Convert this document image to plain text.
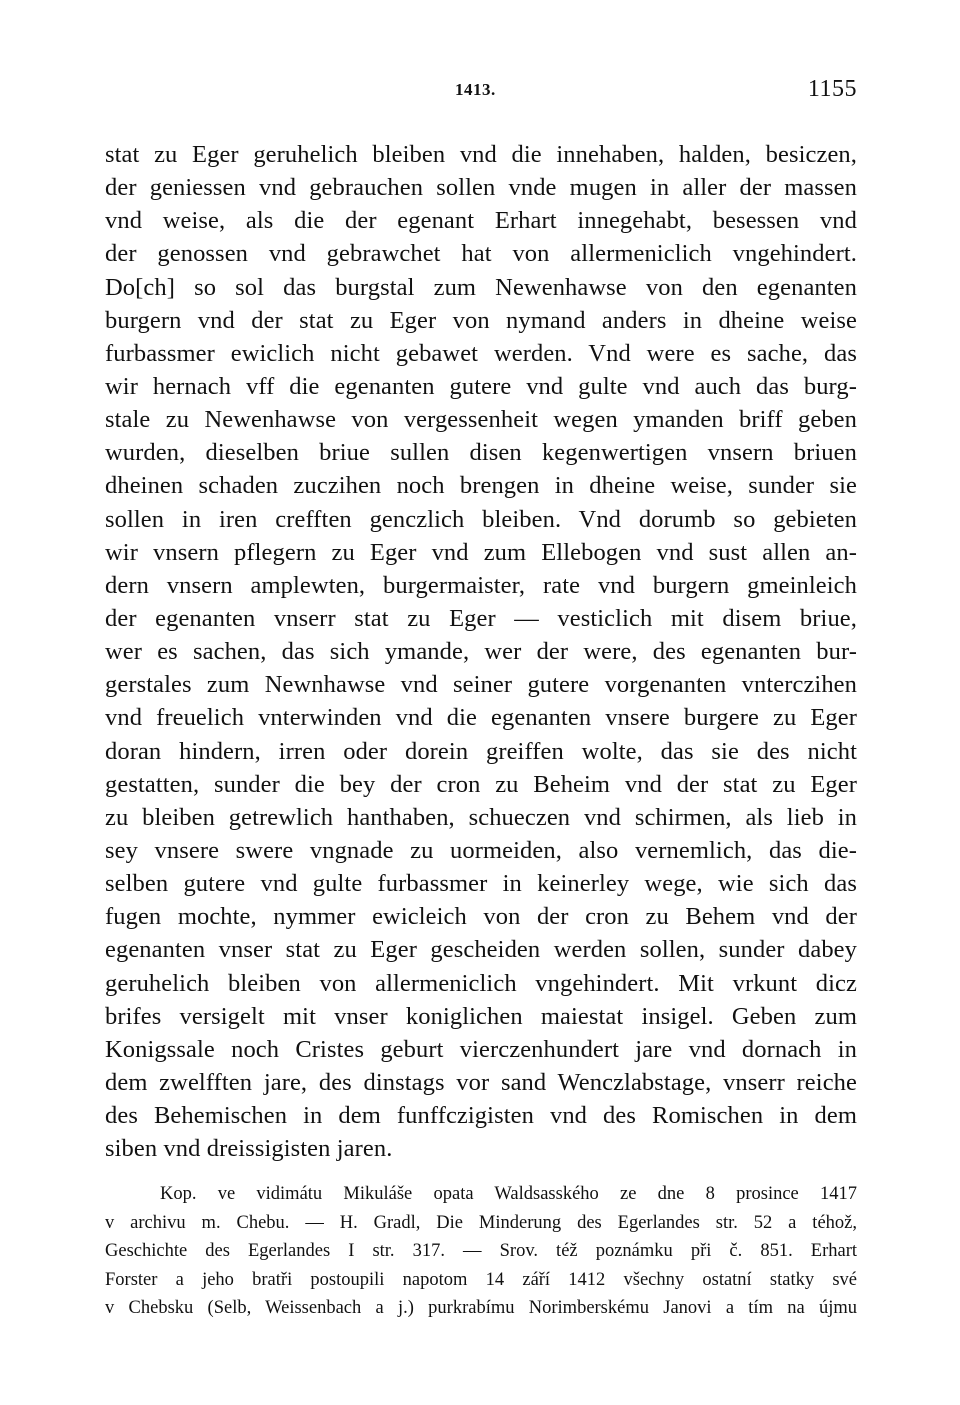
1413.	1155
stat zu Eger geruhelich bleiben vnd die innehaben, halden, besiczen,
der geniessen vnd gebrauchen sollen vnde mugen in aller der massen
vnd weise, als die der egenant Erhart innegehabt, besessen vnd
der genossen vnd gebrawchet hat von allermeniclich vngehindert.
Do[ch] so sol das burgstal zum Newenhawse von den egenanten
burgern vnd der stat zu Eger von nymand anders in dheine weise
furbassmer ewiclich nicht gebawet werden. Vnd were es sache, das
wir hernach vff die egenanten gutere vnd gulte vnd auch das burg-
stale zu Newenhawse von vergessenheit wegen ymanden briff geben
wurden, dieselben briue sullen disen kegenwertigen vnsern briuen
dheinen schaden zuczihen noch brengen in dheine weise, sunder sie
sollen in iren crefften genczlich bleiben. Vnd dorumb so gebieten
wir vnsern pflegern zu Eger vnd zum Ellebogen vnd sust allen an-
dern vnsern amplewten, burgermaister, rate vnd burgern gmeinleich
der egenanten vnserr stat zu Eger — vesticlich mit disem briue,
wer es sachen, das sich ymande, wer der were, des egenanten bur-
gerstales zum Newnhawse vnd seiner gutere vorgenanten vnterczihen
vnd freuelich vnterwinden vnd die egenanten vnsere burgere zu Eger
doran hindern, irren oder dorein greiffen wolte, das sie des nicht
gestatten, sunder die bey der cron zu Beheim vnd der stat zu Eger
zu bleiben getrewlich hanthaben, schueczen vnd schirmen, als lieb in
sey vnsere swere vngnade zu uormeiden, also vernemlich, das die-
selben gutere vnd gulte furbassmer in keinerley wege, wie sich das
fugen mochte, nymmer ewicleich von der cron zu Behem vnd der
egenanten vnser stat zu Eger gescheiden werden sollen, sunder dabey
geruhelich bleiben von allermeniclich vngehindert. Mit vrkunt dicz
brifes versigelt mit vnser koniglichen maiestat insigel. Geben zum
Konigssale noch Cristes geburt vierczenhundert jare vnd dornach in
dem zwelfften jare, des dinstags vor sand Wenczlabstage, vnserr reiche
des Behemischen in dem funffczigisten vnd des Romischen in dem
siben vnd dreissigisten jaren.
Kop. ve vidimátu Mikuláše opata Waldsasského ze dne 8 prosince 1417
v archivu m. Chebu. — H. Gradl, Die Minderung des Egerlandes str. 52 a téhož,
Geschichte des Egerlandes I str. 317. — Srov. též poznámku při č. 851. Erhart
Forster a jeho bratři postoupili napotom 14 září 1412 všechny ostatní statky své
v Chebsku (Selb, Weissenbach a j.) purkrabímu Norimberskému Janovi a tím na újmu
